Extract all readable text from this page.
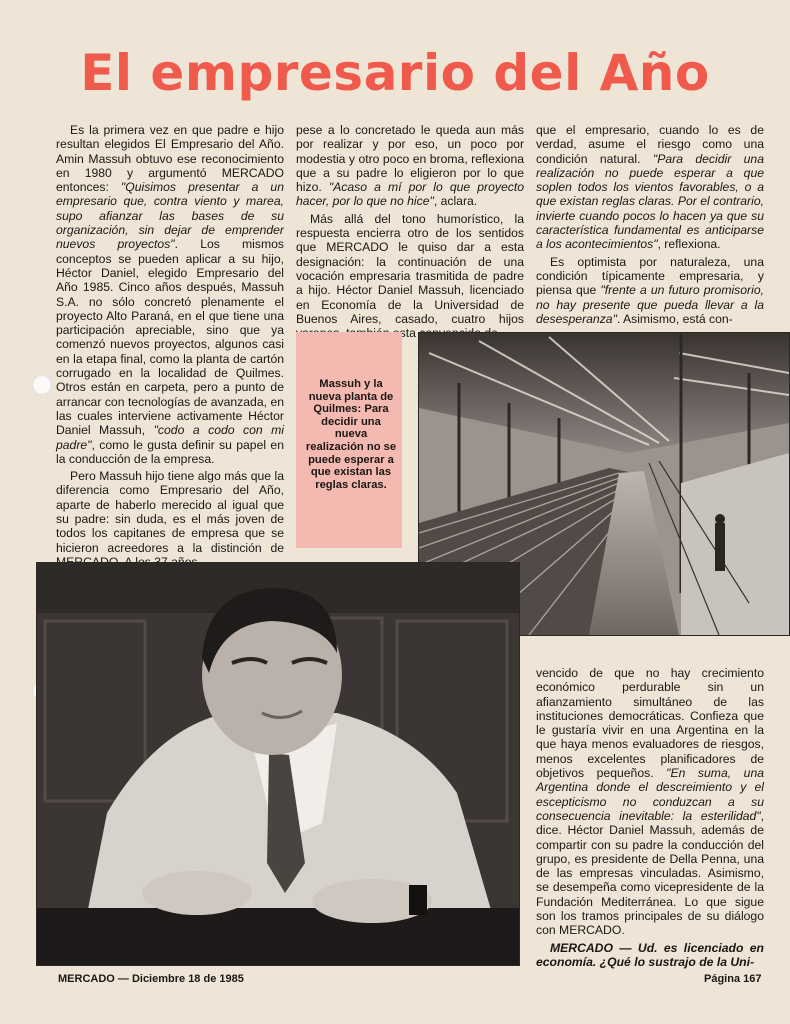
El empresario del Año

Es la primera vez en que padre e hijo resultan elegidos El Empresario del Año. Amin Massuh obtuvo ese reconocimiento en 1980 y argumentó MERCADO entonces: "Quisimos presentar a un empresario que, contra viento y marea, supo afianzar las bases de su organización, sin dejar de emprender nuevos proyectos". Los mismos conceptos se pueden aplicar a su hijo, Héctor Daniel, elegido Empresario del Año 1985. Cinco años después, Massuh S.A. no sólo concretó plenamente el proyecto Alto Paraná, en el que tiene una participación apreciable, sino que ya comenzó nuevos proyectos, algunos casi en la etapa final, como la planta de cartón corrugado en la localidad de Quilmes. Otros están en carpeta, pero a punto de arrancar con tecnologías de avanzada, en las cuales interviene activamente Héctor Daniel Massuh, "codo a codo con mi padre", como le gusta definir su papel en la conducción de la empresa.

Pero Massuh hijo tiene algo más que la diferencia como Empresario del Año, aparte de haberlo merecido al igual que su padre: sin duda, es el más joven de todos los capitanes de empresa que se hicieron acreedores a la distinción de

pese a lo concretado le queda aun más por realizar y por eso, un poco por modestia y otro poco en broma, reflexiona que a su padre lo eligieron por lo que hizo. "Acaso a mí por lo que proyecto hacer, por lo que no hice", aclara.

Más allá del tono humorístico, la respuesta encierra otro de los sentidos que MERCADO le quiso dar a esta designación: la continuación de una vocación empresaria trasmitida de padre a hijo. Héctor Daniel Massuh, licenciado en Economía de la Universidad de Buenos Aires, casado, cuatro hijos esta

que el empresario, cuando lo es de verdad, asume el riesgo como una condición natural. "Para decidir una realización no puede esperar a que soplen todos los vientos favorables, o a que existan reglas claras. Por el contrario, invierte cuando pocos lo hacen ya que su característica fundamental es anticiparse a los acontecimientos", reflexiona.

Es optimista por naturaleza, una condición típicamente empresaria, y piensa que "frente a un futuro promisorio, no hay presente que pueda llevar a la desesperanza". Asimismo, está con-

Massuh y la nueva planta de Quilmes: Para decidir una nueva realización no se puede esperar a que existan las reglas claras.

vencido de que no hay crecimiento económico perdurable sin un afianzamiento simultáneo de las instituciones democráticas. Confieza que le gustaría vivir en una Argentina en la que haya menos evaluadores de riesgos, menos excelentes planificadores de objetivos pequeños. "En suma, una Argentina donde el descreimiento y el escepticismo no conduzcan a su consecuencia inevitable: la esterilidad", dice. Héctor Daniel Massuh, además de compartir con su padre la conducción del grupo, es presidente de Della Penna, una de las empresas vinculadas. Asimismo, se desempeña como vicepresidente de la Fundación Mediterránea. Lo que sigue son los tramos principales de su diálogo con MERCADO.

MERCADO — Ud. es licenciado en economía. ¿Qué lo sustrajo de la Uni-

MERCADO — Diciembre 18 de 1985	Página 167
